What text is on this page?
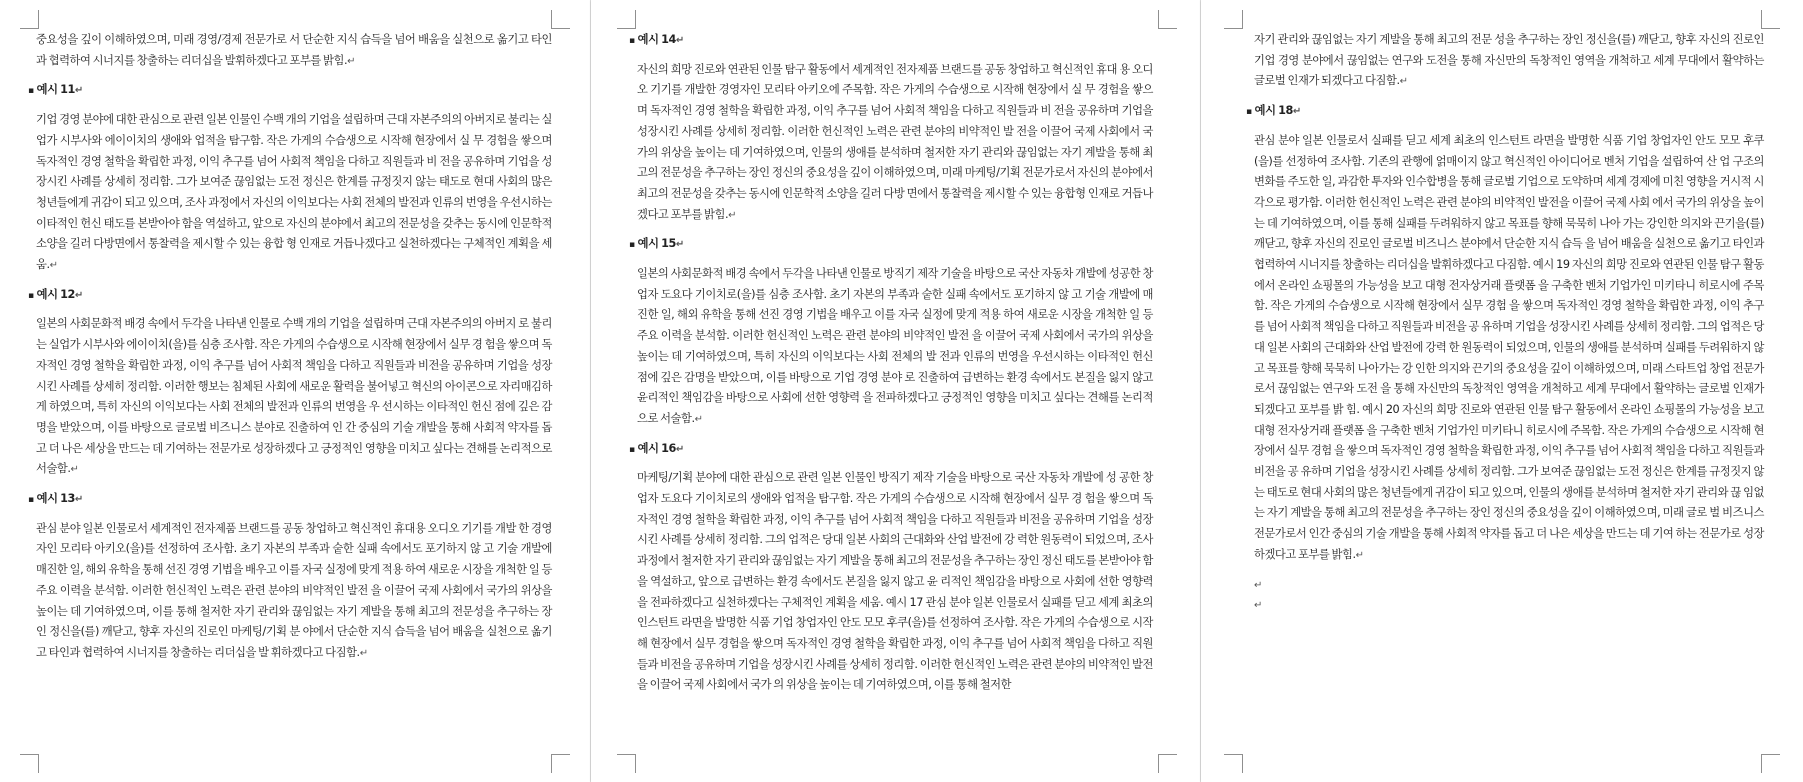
중요성을 깊이 이해하였으며, 미래 경영/경제 전문가로 서 단순한 지식 습득을 넘어 배움을 실천으로 옮기고 타인과 협력하여 시너지를 창출하는 리더십을 발휘하겠다고 포부를 밝힘.↵

▪ 예시 11↵

기업 경영 분야에 대한 관심으로 관련 일본 인물인 수백 개의 기업을 설립하며 근대 자본주의의 아버지로 불리는 실업가 시부사와 에이이치의 생애와 업적을 탐구함. 작은 가게의 수습생으로 시작해 현장에서 실 무 경험을 쌓으며 독자적인 경영 철학을 확립한 과정, 이익 추구를 넘어 사회적 책임을 다하고 직원들과 비 전을 공유하며 기업을 성장시킨 사례를 상세히 정리함. 그가 보여준 끊임없는 도전 정신은 한계를 규정짓지 않는 태도로 현대 사회의 많은 청년들에게 귀감이 되고 있으며, 조사 과정에서 자신의 이익보다는 사회 전체의 발전과 인류의 번영을 우선시하는 이타적인 헌신 태도를 본받아야 함을 역설하고, 앞으로 자신의 분야에서 최고의 전문성을 갖추는 동시에 인문학적 소양을 길러 다방면에서 통찰력을 제시할 수 있는 융합 형 인재로 거듭나겠다고 실천하겠다는 구체적인 계획을 세움.↵

▪ 예시 12↵

일본의 사회문화적 배경 속에서 두각을 나타낸 인물로 수백 개의 기업을 설립하며 근대 자본주의의 아버지 로 불리는 실업가 시부사와 에이이치(을)를 심층 조사함. 작은 가게의 수습생으로 시작해 현장에서 실무 경 험을 쌓으며 독자적인 경영 철학을 확립한 과정, 이익 추구를 넘어 사회적 책임을 다하고 직원들과 비전을 공유하며 기업을 성장시킨 사례를 상세히 정리함. 이러한 행보는 침체된 사회에 새로운 활력을 불어넣고 혁신의 아이콘으로 자리매김하게 하였으며, 특히 자신의 이익보다는 사회 전체의 발전과 인류의 번영을 우 선시하는 이타적인 헌신 점에 깊은 감명을 받았으며, 이를 바탕으로 글로벌 비즈니스 분야로 진출하여 인 간 중심의 기술 개발을 통해 사회적 약자를 돕고 더 나은 세상을 만드는 데 기여하는 전문가로 성장하겠다 고 긍정적인 영향을 미치고 싶다는 견해를 논리적으로 서술함.↵

▪ 예시 13↵

관심 분야 일본 인물로서 세계적인 전자제품 브랜드를 공동 창업하고 혁신적인 휴대용 오디오 기기를 개발 한 경영자인 모리타 아키오(을)를 선정하여 조사함. 초기 자본의 부족과 숱한 실패 속에서도 포기하지 않 고 기술 개발에 매진한 일, 해외 유학을 통해 선진 경영 기법을 배우고 이를 자국 실정에 맞게 적용 하여 새로운 시장을 개척한 일 등 주요 이력을 분석함. 이러한 헌신적인 노력은 관련 분야의 비약적인 발전 을 이끌어 국제 사회에서 국가의 위상을 높이는 데 기여하였으며, 이를 통해 철저한 자기 관리와 끊임없는 자기 계발을 통해 최고의 전문성을 추구하는 장인 정신을(를) 깨닫고, 향후 자신의 진로인 마케팅/기획 분 야에서 단순한 지식 습득을 넘어 배움을 실천으로 옮기고 타인과 협력하여 시너지를 창출하는 리더십을 발 휘하겠다고 다짐함.↵

▪ 예시 14↵

자신의 희망 진로와 연관된 인물 탐구 활동에서 세계적인 전자제품 브랜드를 공동 창업하고 혁신적인 휴대 용 오디오 기기를 개발한 경영자인 모리타 아키오에 주목함. 작은 가게의 수습생으로 시작해 현장에서 실 무 경험을 쌓으며 독자적인 경영 철학을 확립한 과정, 이익 추구를 넘어 사회적 책임을 다하고 직원들과 비 전을 공유하며 기업을 성장시킨 사례를 상세히 정리함. 이러한 헌신적인 노력은 관련 분야의 비약적인 발 전을 이끌어 국제 사회에서 국가의 위상을 높이는 데 기여하였으며, 인물의 생애를 분석하며 철저한 자기 관리와 끊임없는 자기 계발을 통해 최고의 전문성을 추구하는 장인 정신의 중요성을 깊이 이해하였으며, 미래 마케팅/기획 전문가로서 자신의 분야에서 최고의 전문성을 갖추는 동시에 인문학적 소양을 길러 다방 면에서 통찰력을 제시할 수 있는 융합형 인재로 거듭나겠다고 포부를 밝힘.↵

▪ 예시 15↵

일본의 사회문화적 배경 속에서 두각을 나타낸 인물로 방직기 제작 기술을 바탕으로 국산 자동차 개발에 성공한 창업자 도요다 기이치로(을)를 심층 조사함. 초기 자본의 부족과 숱한 실패 속에서도 포기하지 않 고 기술 개발에 매진한 일, 해외 유학을 통해 선진 경영 기법을 배우고 이를 자국 실정에 맞게 적용 하여 새로운 시장을 개척한 일 등 주요 이력을 분석함. 이러한 헌신적인 노력은 관련 분야의 비약적인 발전 을 이끌어 국제 사회에서 국가의 위상을 높이는 데 기여하였으며, 특히 자신의 이익보다는 사회 전체의 발 전과 인류의 번영을 우선시하는 이타적인 헌신 점에 깊은 감명을 받았으며, 이를 바탕으로 기업 경영 분야 로 진출하여 급변하는 환경 속에서도 본질을 잃지 않고 윤리적인 책임감을 바탕으로 사회에 선한 영향력 을 전파하겠다고 긍정적인 영향을 미치고 싶다는 견해를 논리적으로 서술함.↵

▪ 예시 16↵

마케팅/기획 분야에 대한 관심으로 관련 일본 인물인 방직기 제작 기술을 바탕으로 국산 자동차 개발에 성 공한 창업자 도요다 기이치로의 생애와 업적을 탐구함. 작은 가게의 수습생으로 시작해 현장에서 실무 경 험을 쌓으며 독자적인 경영 철학을 확립한 과정, 이익 추구를 넘어 사회적 책임을 다하고 직원들과 비전을 공유하며 기업을 성장시킨 사례를 상세히 정리함. 그의 업적은 당대 일본 사회의 근대화와 산업 발전에 강 력한 원동력이 되었으며, 조사 과정에서 철저한 자기 관리와 끊임없는 자기 계발을 통해 최고의 전문성을 추구하는 장인 정신 태도를 본받아야 함을 역설하고, 앞으로 급변하는 환경 속에서도 본질을 잃지 않고 윤 리적인 책임감을 바탕으로 사회에 선한 영향력을 전파하겠다고 실천하겠다는 구체적인 계획을 세움. 예시 17 관심 분야 일본 인물로서 실패를 딛고 세계 최초의 인스턴트 라면을 발명한 식품 기업 창업자인 안도 모모 후쿠(을)를 선정하여 조사함. 작은 가게의 수습생으로 시작해 현장에서 실무 경험을 쌓으며 독자적인 경영 철학을 확립한 과정, 이익 추구를 넘어 사회적 책임을 다하고 직원들과 비전을 공유하며 기업을 성장시킨 사례를 상세히 정리함. 이러한 헌신적인 노력은 관련 분야의 비약적인 발전을 이끌어 국제 사회에서 국가 의 위상을 높이는 데 기여하였으며, 이를 통해 철저한

자기 관리와 끊임없는 자기 계발을 통해 최고의 전문 성을 추구하는 장인 정신을(를) 깨닫고, 향후 자신의 진로인 기업 경영 분야에서 끊임없는 연구와 도전을 통해 자신만의 독창적인 영역을 개척하고 세계 무대에서 활약하는 글로벌 인재가 되겠다고 다짐함.↵

▪ 예시 18↵

관심 분야 일본 인물로서 실패를 딛고 세계 최초의 인스턴트 라면을 발명한 식품 기업 창업자인 안도 모모 후쿠(을)를 선정하여 조사함. 기존의 관행에 얽매이지 않고 혁신적인 아이디어로 벤처 기업을 설립하여 산 업 구조의 변화를 주도한 일, 과감한 투자와 인수합병을 통해 글로벌 기업으로 도약하며 세계 경제에 미친 영향을 거시적 시각으로 평가함. 이러한 헌신적인 노력은 관련 분야의 비약적인 발전을 이끌어 국제 사회 에서 국가의 위상을 높이는 데 기여하였으며, 이를 통해 실패를 두려워하지 않고 목표를 향해 묵묵히 나아 가는 강인한 의지와 끈기을(를) 깨닫고, 향후 자신의 진로인 글로벌 비즈니스 분야에서 단순한 지식 습득 을 넘어 배움을 실천으로 옮기고 타인과 협력하여 시너지를 창출하는 리더십을 발휘하겠다고 다짐함. 예시 19 자신의 희망 진로와 연관된 인물 탐구 활동에서 온라인 쇼핑몰의 가능성을 보고 대형 전자상거래 플랫폼 을 구축한 벤처 기업가인 미키타니 히로시에 주목함. 작은 가게의 수습생으로 시작해 현장에서 실무 경험 을 쌓으며 독자적인 경영 철학을 확립한 과정, 이익 추구를 넘어 사회적 책임을 다하고 직원들과 비전을 공 유하며 기업을 성장시킨 사례를 상세히 정리함. 그의 업적은 당대 일본 사회의 근대화와 산업 발전에 강력 한 원동력이 되었으며, 인물의 생애를 분석하며 실패를 두려워하지 않고 목표를 향해 묵묵히 나아가는 강 인한 의지와 끈기의 중요성을 깊이 이해하였으며, 미래 스타트업 창업 전문가로서 끊임없는 연구와 도전 을 통해 자신만의 독창적인 영역을 개척하고 세계 무대에서 활약하는 글로벌 인재가 되겠다고 포부를 밝 힘. 예시 20 자신의 희망 진로와 연관된 인물 탐구 활동에서 온라인 쇼핑몰의 가능성을 보고 대형 전자상거래 플랫폼 을 구축한 벤처 기업가인 미키타니 히로시에 주목함. 작은 가게의 수습생으로 시작해 현장에서 실무 경험 을 쌓으며 독자적인 경영 철학을 확립한 과정, 이익 추구를 넘어 사회적 책임을 다하고 직원들과 비전을 공 유하며 기업을 성장시킨 사례를 상세히 정리함. 그가 보여준 끊임없는 도전 정신은 한계를 규정짓지 않는 태도로 현대 사회의 많은 청년들에게 귀감이 되고 있으며, 인물의 생애를 분석하며 철저한 자기 관리와 끊 임없는 자기 계발을 통해 최고의 전문성을 추구하는 장인 정신의 중요성을 깊이 이해하였으며, 미래 글로 벌 비즈니스 전문가로서 인간 중심의 기술 개발을 통해 사회적 약자를 돕고 더 나은 세상을 만드는 데 기여 하는 전문가로 성장하겠다고 포부를 밝힘.↵

↵
↵
